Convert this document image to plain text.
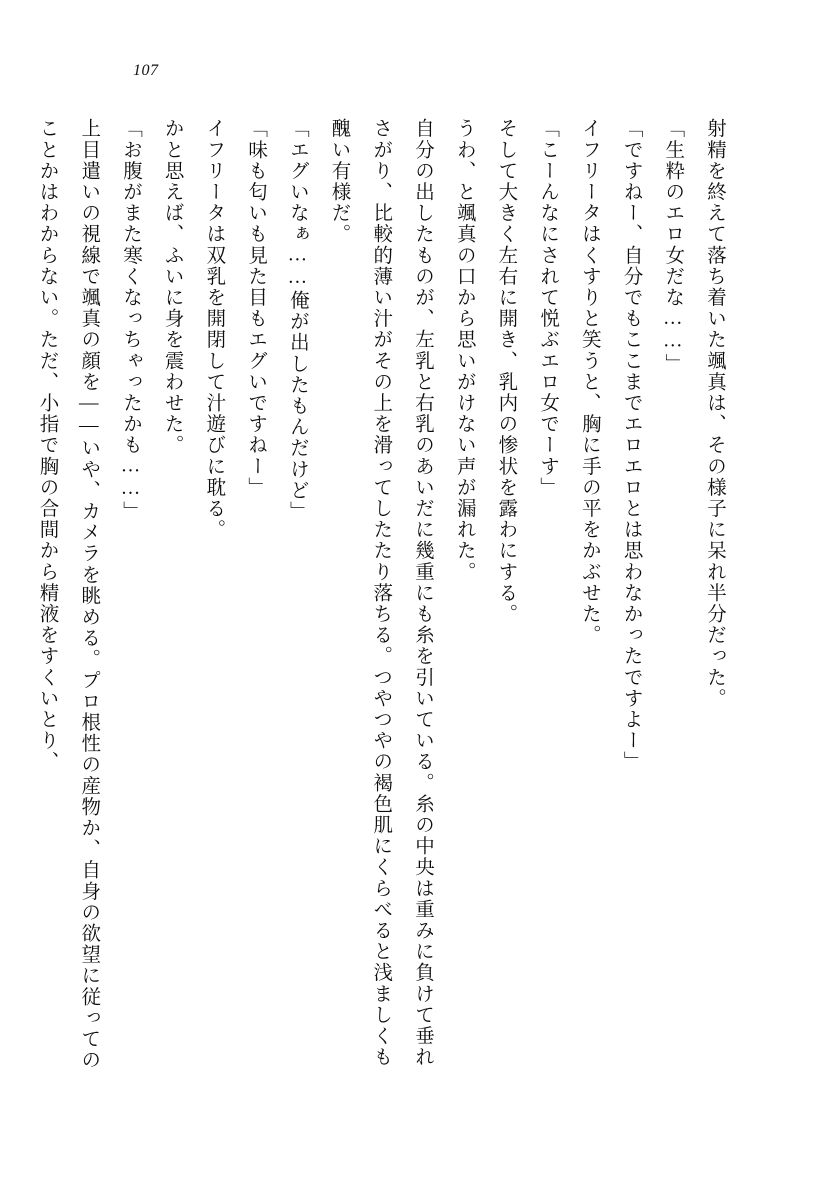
107

射精を終えて落ち着いた颯真は、その様子に呆れ半分だった。

「生粋のエロ女だな……」

「ですねー、自分でもここまでエロエロとは思わなかったですよー」

イフリータはくすりと笑うと、胸に手の平をかぶせた。

「こーんなにされて悦ぶエロ女でーす」

そして大きく左右に開き、乳内の惨状を露わにする。

うわ、と颯真の口から思いがけない声が漏れた。

自分の出したものが、左乳と右乳のあいだに幾重にも糸を引いている。糸の中央は重みに負けて垂れさがり、比較的薄い汁がその上を滑ってしたたり落ちる。つやつやの褐色肌にくらべると浅ましくも醜い有様だ。

「エグいなぁ……俺が出したもんだけど」

「味も匂いも見た目もエグいですねー」

イフリータは双乳を開閉して汁遊びに耽る。

かと思えば、ふいに身を震わせた。

「お腹がまた寒くなっちゃったかも……」

上目遣いの視線で颯真の顔を――いや、カメラを眺める。プロ根性の産物か、自身の欲望に従ってのことかはわからない。ただ、小指で胸の合間から精液をすくいとり、
